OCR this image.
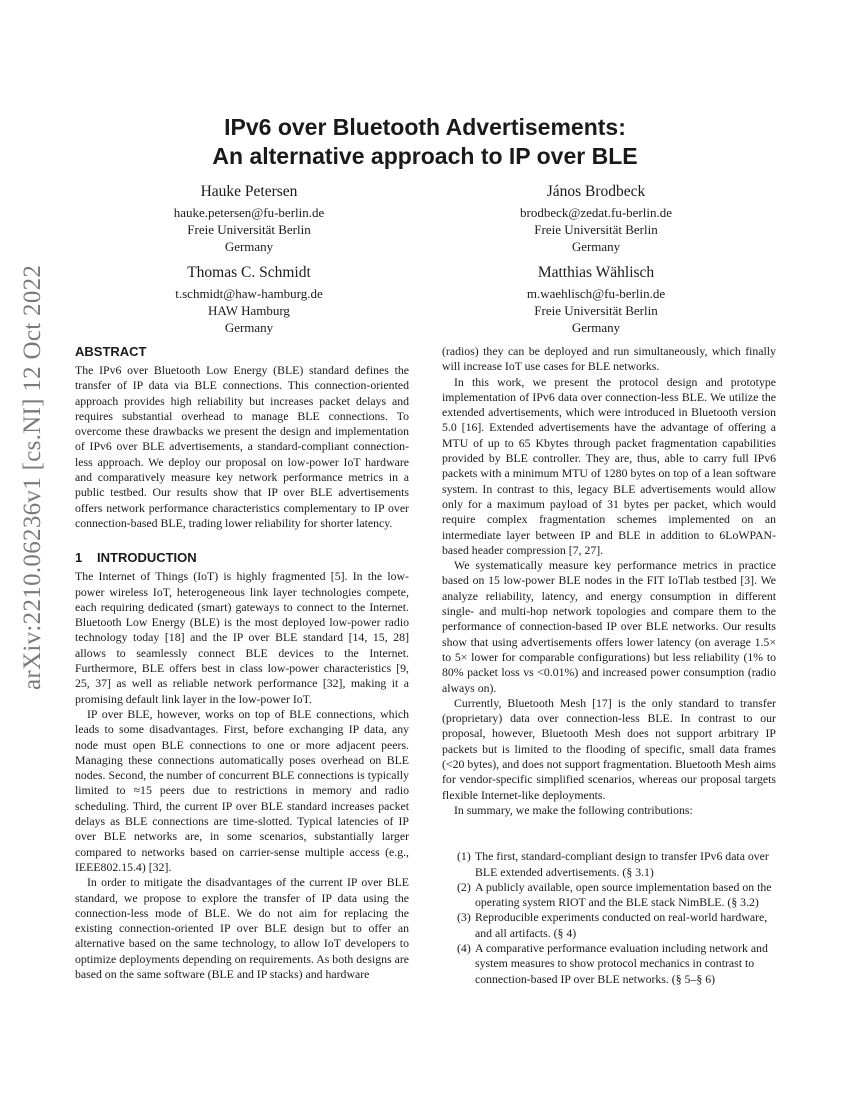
arXiv:2210.06236v1 [cs.NI] 12 Oct 2022
IPv6 over Bluetooth Advertisements:
An alternative approach to IP over BLE
Hauke Petersen
hauke.petersen@fu-berlin.de
Freie Universität Berlin
Germany
János Brodbeck
brodbeck@zedat.fu-berlin.de
Freie Universität Berlin
Germany
Thomas C. Schmidt
t.schmidt@haw-hamburg.de
HAW Hamburg
Germany
Matthias Wählisch
m.waehlisch@fu-berlin.de
Freie Universität Berlin
Germany
ABSTRACT

The IPv6 over Bluetooth Low Energy (BLE) standard defines the transfer of IP data via BLE connections. This connection-oriented approach provides high reliability but increases packet delays and requires substantial overhead to manage BLE connections. To overcome these drawbacks we present the design and implementation of IPv6 over BLE advertisements, a standard-compliant connection-less approach. We deploy our proposal on low-power IoT hardware and comparatively measure key network performance metrics in a public testbed. Our results show that IP over BLE advertisements offers network performance characteristics complementary to IP over connection-based BLE, trading lower reliability for shorter latency.

1 INTRODUCTION

The Internet of Things (IoT) is highly fragmented [5]. In the low-power wireless IoT, heterogeneous link layer technologies compete, each requiring dedicated (smart) gateways to connect to the Internet. Bluetooth Low Energy (BLE) is the most deployed low-power radio technology today [18] and the IP over BLE standard [14, 15, 28] allows to seamlessly connect BLE devices to the Internet. Furthermore, BLE offers best in class low-power characteristics [9, 25, 37] as well as reliable network performance [32], making it a promising default link layer in the low-power IoT.

IP over BLE, however, works on top of BLE connections, which leads to some disadvantages. First, before exchanging IP data, any node must open BLE connections to one or more adjacent peers. Managing these connections automatically poses overhead on BLE nodes. Second, the number of concurrent BLE connections is typically limited to ≈15 peers due to restrictions in memory and radio scheduling. Third, the current IP over BLE standard increases packet delays as BLE connections are time-slotted. Typical latencies of IP over BLE networks are, in some scenarios, substantially larger compared to networks based on carrier-sense multiple access (e.g., IEEE802.15.4) [32].

In order to mitigate the disadvantages of the current IP over BLE standard, we propose to explore the transfer of IP data using the connection-less mode of BLE. We do not aim for replacing the existing connection-oriented IP over BLE design but to offer an alternative based on the same technology, to allow IoT developers to optimize deployments depending on requirements. As both designs are based on the same software (BLE and IP stacks) and hardware

(radios) they can be deployed and run simultaneously, which finally will increase IoT use cases for BLE networks.

In this work, we present the protocol design and prototype implementation of IPv6 data over connection-less BLE. We utilize the extended advertisements, which were introduced in Bluetooth version 5.0 [16]. Extended advertisements have the advantage of offering a MTU of up to 65 Kbytes through packet fragmentation capabilities provided by BLE controller. They are, thus, able to carry full IPv6 packets with a minimum MTU of 1280 bytes on top of a lean software system. In contrast to this, legacy BLE advertisements would allow only for a maximum payload of 31 bytes per packet, which would require complex fragmentation schemes implemented on an intermediate layer between IP and BLE in addition to 6LoWPAN-based header compression [7, 27].

We systematically measure key performance metrics in practice based on 15 low-power BLE nodes in the FIT IoTlab testbed [3]. We analyze reliability, latency, and energy consumption in different single- and multi-hop network topologies and compare them to the performance of connection-based IP over BLE networks. Our results show that using advertisements offers lower latency (on average 1.5× to 5× lower for comparable configurations) but less reliability (1% to 80% packet loss vs <0.01%) and increased power consumption (radio always on).

Currently, Bluetooth Mesh [17] is the only standard to transfer (proprietary) data over connection-less BLE. In contrast to our proposal, however, Bluetooth Mesh does not support arbitrary IP packets but is limited to the flooding of specific, small data frames (<20 bytes), and does not support fragmentation. Bluetooth Mesh aims for vendor-specific simplified scenarios, whereas our proposal targets flexible Internet-like deployments.

In summary, we make the following contributions:

(1) The first, standard-compliant design to transfer IPv6 data over BLE extended advertisements. (§ 3.1)
(2) A publicly available, open source implementation based on the operating system RIOT and the BLE stack NimBLE. (§ 3.2)
(3) Reproducible experiments conducted on real-world hardware, and all artifacts. (§ 4)
(4) A comparative performance evaluation including network and system measures to show protocol mechanics in contrast to connection-based IP over BLE networks. (§ 5–§ 6)
